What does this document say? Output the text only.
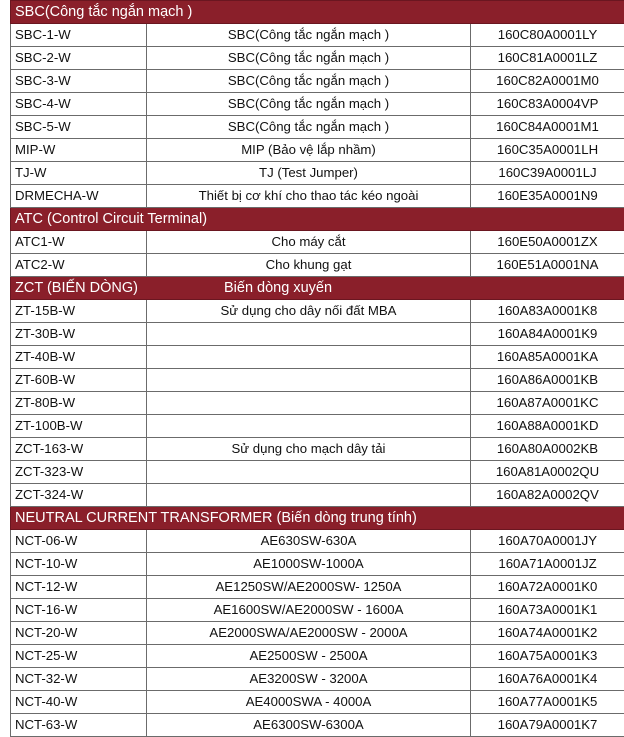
SBC(Công tắc ngắn mạch )		
SBC-1-W	SBC(Công tắc ngắn mạch )	160C80A0001LY
SBC-2-W	SBC(Công tắc ngắn mạch )	160C81A0001LZ
SBC-3-W	SBC(Công tắc ngắn mạch )	160C82A0001M0
SBC-4-W	SBC(Công tắc ngắn mạch )	160C83A0004VP
SBC-5-W	SBC(Công tắc ngắn mạch )	160C84A0001M1
MIP-W	MIP (Bảo vệ lắp nhầm)	160C35A0001LH
TJ-W	TJ (Test Jumper)	160C39A0001LJ
DRMECHA-W	Thiết bị cơ khí cho thao tác kéo ngoài	160E35A0001N9
ATC (Control Circuit Terminal)		
ATC1-W	Cho máy cắt	160E50A0001ZX
ATC2-W	Cho khung gạt	160E51A0001NA
ZCT (BIẾN DÒNG) Biến dòng xuyến		
ZT-15B-W	Sử dụng cho dây nối đất MBA	160A83A0001K8
ZT-30B-W		160A84A0001K9
ZT-40B-W		160A85A0001KA
ZT-60B-W		160A86A0001KB
ZT-80B-W		160A87A0001KC
ZT-100B-W		160A88A0001KD
ZCT-163-W	Sử dụng cho mạch dây tải	160A80A0002KB
ZCT-323-W		160A81A0002QU
ZCT-324-W		160A82A0002QV
NEUTRAL CURRENT TRANSFORMER (Biến dòng trung tính)		
NCT-06-W	AE630SW-630A	160A70A0001JY
NCT-10-W	AE1000SW-1000A	160A71A0001JZ
NCT-12-W	AE1250SW/AE2000SW- 1250A	160A72A0001K0
NCT-16-W	AE1600SW/AE2000SW - 1600A	160A73A0001K1
NCT-20-W	AE2000SWA/AE2000SW - 2000A	160A74A0001K2
NCT-25-W	AE2500SW - 2500A	160A75A0001K3
NCT-32-W	AE3200SW - 3200A	160A76A0001K4
NCT-40-W	AE4000SWA - 4000A	160A77A0001K5
NCT-63-W	AE6300SW-6300A	160A79A0001K7
